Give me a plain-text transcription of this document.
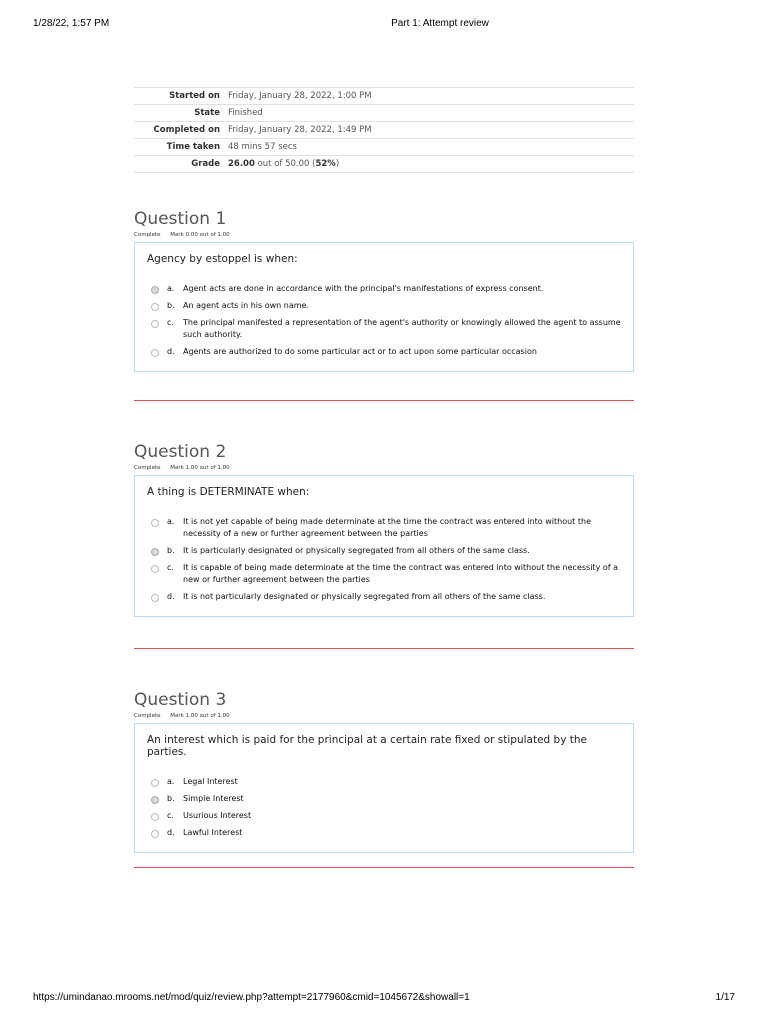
1/28/22, 1:57 PM	Part 1: Attempt review
Started on	Friday, January 28, 2022, 1:00 PM
State	Finished
Completed on	Friday, January 28, 2022, 1:49 PM
Time taken	48 mins 57 secs
Grade	26.00 out of 50.00 (52%)
Question 1
Complete Mark 0.00 out of 1.00
Agency by estoppel is when:
a.	Agent acts are done in accordance with the principal's manifestations of express consent.
b.	An agent acts in his own name.
c.	The principal manifested a representation of the agent's authority or knowingly allowed the agent to assume such authority.
d.	Agents are authorized to do some particular act or to act upon some particular occasion
Question 2
Complete Mark 1.00 out of 1.00
A thing is DETERMINATE when:
a.	It is not yet capable of being made determinate at the time the contract was entered into without the necessity of a new or further agreement between the parties
b.	It is particularly designated or physically segregated from all others of the same class.
c.	It is capable of being made determinate at the time the contract was entered into without the necessity of a new or further agreement between the parties
d.	It is not particularly designated or physically segregated from all others of the same class.
Question 3
Complete Mark 1.00 out of 1.00
An interest which is paid for the principal at a certain rate fixed or stipulated by the parties.
a.	Legal Interest
b.	Simple Interest
c.	Usurious Interest
d.	Lawful Interest
https://umindanao.mrooms.net/mod/quiz/review.php?attempt=2177960&cmid=1045672&showall=1	1/17
